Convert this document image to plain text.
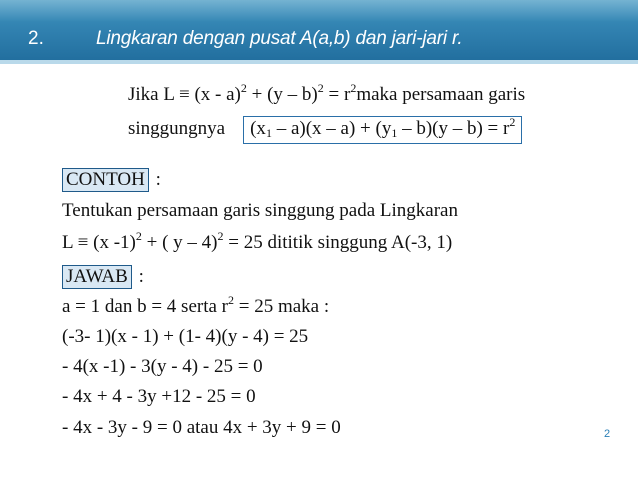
2.	Lingkaran dengan pusat A(a,b) dan jari-jari r.
Jika $L \equiv (x - a)^2 + (y - b)^2 = r^2maka$ persamaan garis
singgungnya $(x_1 - a)(x - a) + (y_1 - b)(y - b) = r^2$
CONTOH :
Tentukan persamaan garis singgung pada Lingkaran
L ≡ (x -1)$^2$ + ( y – 4)$^2$ = 25 dititik singgung A(-3, 1)
JAWAB :
a = 1 dan b = 4 serta $r^2 = 25$ maka :
(-3- 1)(x - 1) + (1- 4)(y - 4) = 25
- 4(x -1) - 3(y - 4) - 25 = 0
- 4x + 4 - 3y +12 - 25 = 0
- 4x - 3y - 9 = 0 atau 4x + 3y + 9 = 0	2
